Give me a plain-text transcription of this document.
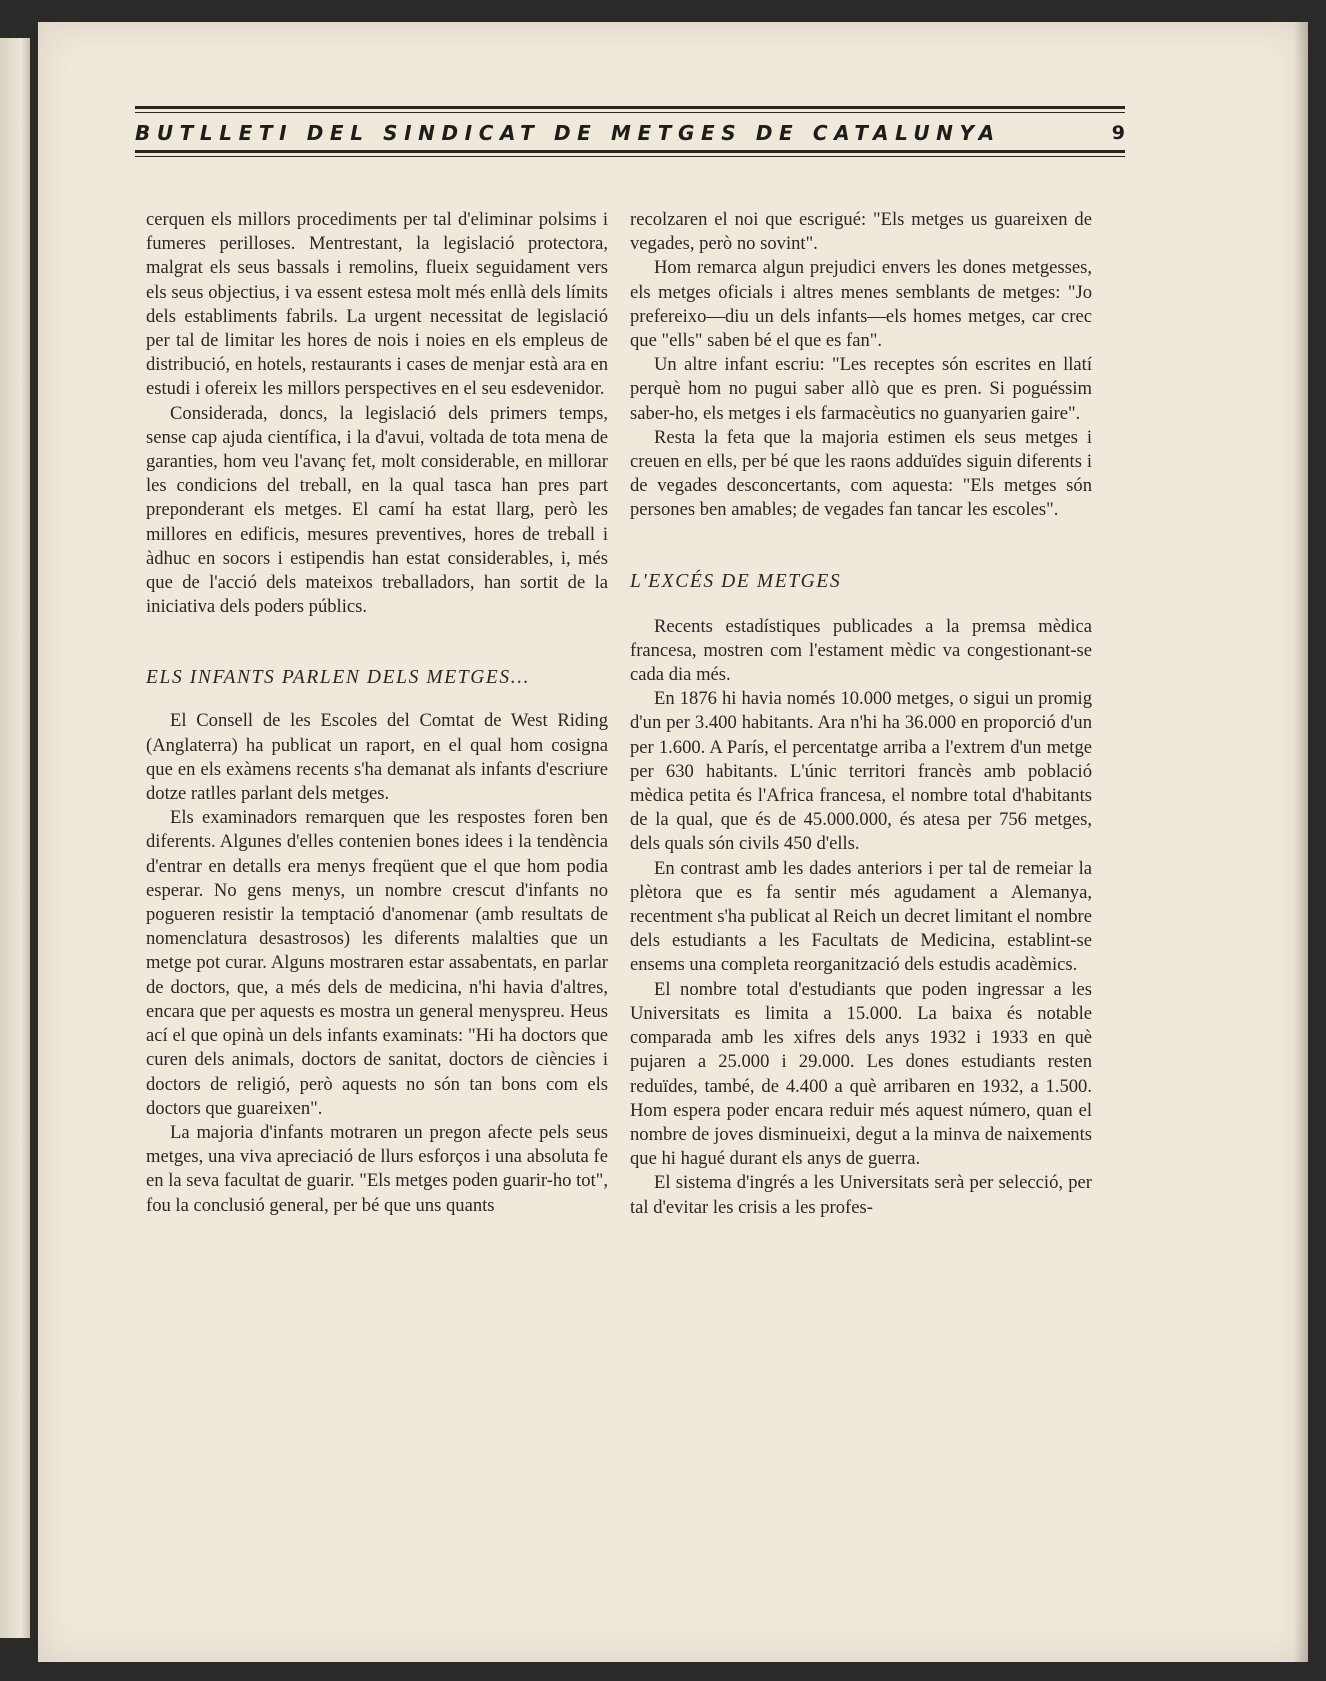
BUTLLETI DEL SINDICAT DE METGES DE CATALUNYA	9

cerquen els millors procediments per tal d'eliminar polsims i fumeres perilloses. Mentrestant, la legislació protectora, malgrat els seus bassals i remolins, flueix seguidament vers els seus objectius, i va essent estesa molt més enllà dels límits dels establiments fabrils. La urgent necessitat de legislació per tal de limitar les hores de nois i noies en els empleus de distribució, en hotels, restaurants i cases de menjar està ara en estudi i ofereix les millors perspectives en el seu esdevenidor.

Considerada, doncs, la legislació dels primers temps, sense cap ajuda científica, i la d'avui, voltada de tota mena de garanties, hom veu l'avanç fet, molt considerable, en millorar les condicions del treball, en la qual tasca han pres part preponderant els metges. El camí ha estat llarg, però les millores en edificis, mesures preventives, hores de treball i àdhuc en socors i estipendis han estat considerables, i, més que de l'acció dels mateixos treballadors, han sortit de la iniciativa dels poders públics.

ELS INFANTS PARLEN DELS METGES...

El Consell de les Escoles del Comtat de West Riding (Anglaterra) ha publicat un raport, en el qual hom cosigna que en els exàmens recents s'ha demanat als infants d'escriure dotze ratlles parlant dels metges.

Els examinadors remarquen que les respostes foren ben diferents. Algunes d'elles contenien bones idees i la tendència d'entrar en detalls era menys freqüent que el que hom podia esperar. No gens menys, un nombre crescut d'infants no pogueren resistir la temptació d'anomenar (amb resultats de nomenclatura desastrosos) les diferents malalties que un metge pot curar. Alguns mostraren estar assabentats, en parlar de doctors, que, a més dels de medicina, n'hi havia d'altres, encara que per aquests es mostra un general menyspreu. Heus ací el que opinà un dels infants examinats: "Hi ha doctors que curen dels animals, doctors de sanitat, doctors de ciències i doctors de religió, però aquests no són tan bons com els doctors que guareixen".

La majoria d'infants motraren un pregon afecte pels seus metges, una viva apreciació de llurs esforços i una absoluta fe en la seva facultat de guarir. "Els metges poden guarir-ho tot", fou la conclusió general, per bé que uns quants

recolzaren el noi que escrigué: "Els metges us guareixen de vegades, però no sovint".

Hom remarca algun prejudici envers les dones metgesses, els metges oficials i altres menes semblants de metges: "Jo prefereixo—diu un dels infants—els homes metges, car crec que "ells" saben bé el que es fan".

Un altre infant escriu: "Les receptes són escrites en llatí perquè hom no pugui saber allò que es pren. Si poguéssim saber-ho, els metges i els farmacèutics no guanyarien gaire".

Resta la feta que la majoria estimen els seus metges i creuen en ells, per bé que les raons adduïdes siguin diferents i de vegades desconcertants, com aquesta: "Els metges són persones ben amables; de vegades fan tancar les escoles".

L'EXCÉS DE METGES

Recents estadístiques publicades a la premsa mèdica francesa, mostren com l'estament mèdic va congestionant-se cada dia més.

En 1876 hi havia només 10.000 metges, o sigui un promig d'un per 3.400 habitants. Ara n'hi ha 36.000 en proporció d'un per 1.600. A París, el percentatge arriba a l'extrem d'un metge per 630 habitants. L'únic territori francès amb població mèdica petita és l'Africa francesa, el nombre total d'habitants de la qual, que és de 45.000.000, és atesa per 756 metges, dels quals són civils 450 d'ells.

En contrast amb les dades anteriors i per tal de remeiar la plètora que es fa sentir més agudament a Alemanya, recentment s'ha publicat al Reich un decret limitant el nombre dels estudiants a les Facultats de Medicina, establint-se ensems una completa reorganització dels estudis acadèmics.

El nombre total d'estudiants que poden ingressar a les Universitats es limita a 15.000. La baixa és notable comparada amb les xifres dels anys 1932 i 1933 en què pujaren a 25.000 i 29.000. Les dones estudiants resten reduïdes, també, de 4.400 a què arribaren en 1932, a 1.500. Hom espera poder encara reduir més aquest número, quan el nombre de joves disminueixi, degut a la minva de naixements que hi hagué durant els anys de guerra.

El sistema d'ingrés a les Universitats serà per selecció, per tal d'evitar les crisis a les profes-
